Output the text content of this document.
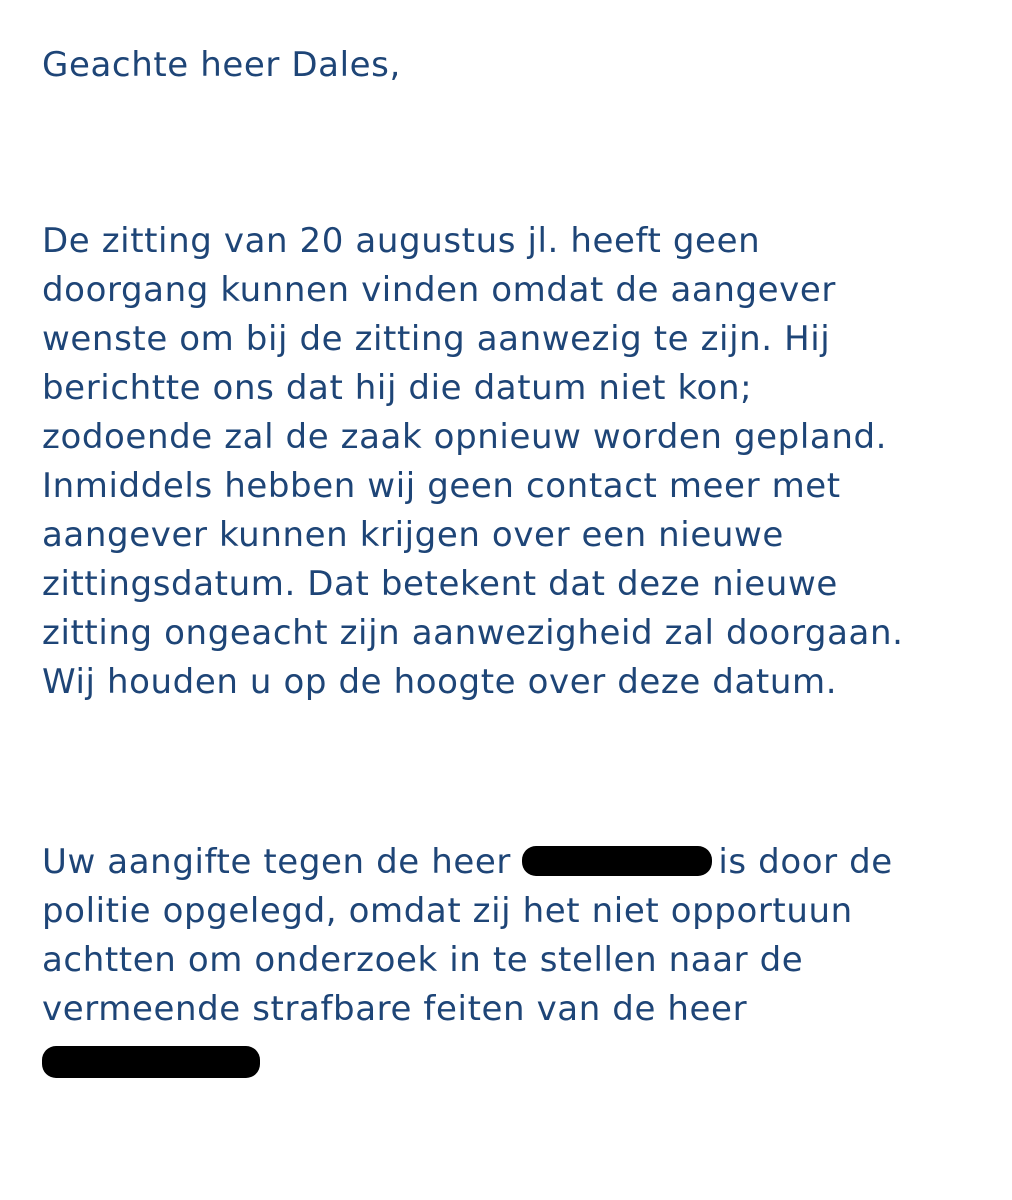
Geachte heer Dales,
De zitting van 20 augustus jl. heeft geen
doorgang kunnen vinden omdat de aangever
wenste om bij de zitting aanwezig te zijn. Hij
berichtte ons dat hij die datum niet kon;
zodoende zal de zaak opnieuw worden gepland.
Inmiddels hebben wij geen contact meer met
aangever kunnen krijgen over een nieuwe
zittingsdatum. Dat betekent dat deze nieuwe
zitting ongeacht zijn aanwezigheid zal doorgaan.
Wij houden u op de hoogte over deze datum.
Uw aangifte tegen de heer	is door de
politie opgelegd, omdat zij het niet opportuun
achtten om onderzoek in te stellen naar de
vermeende strafbare feiten van de heer
